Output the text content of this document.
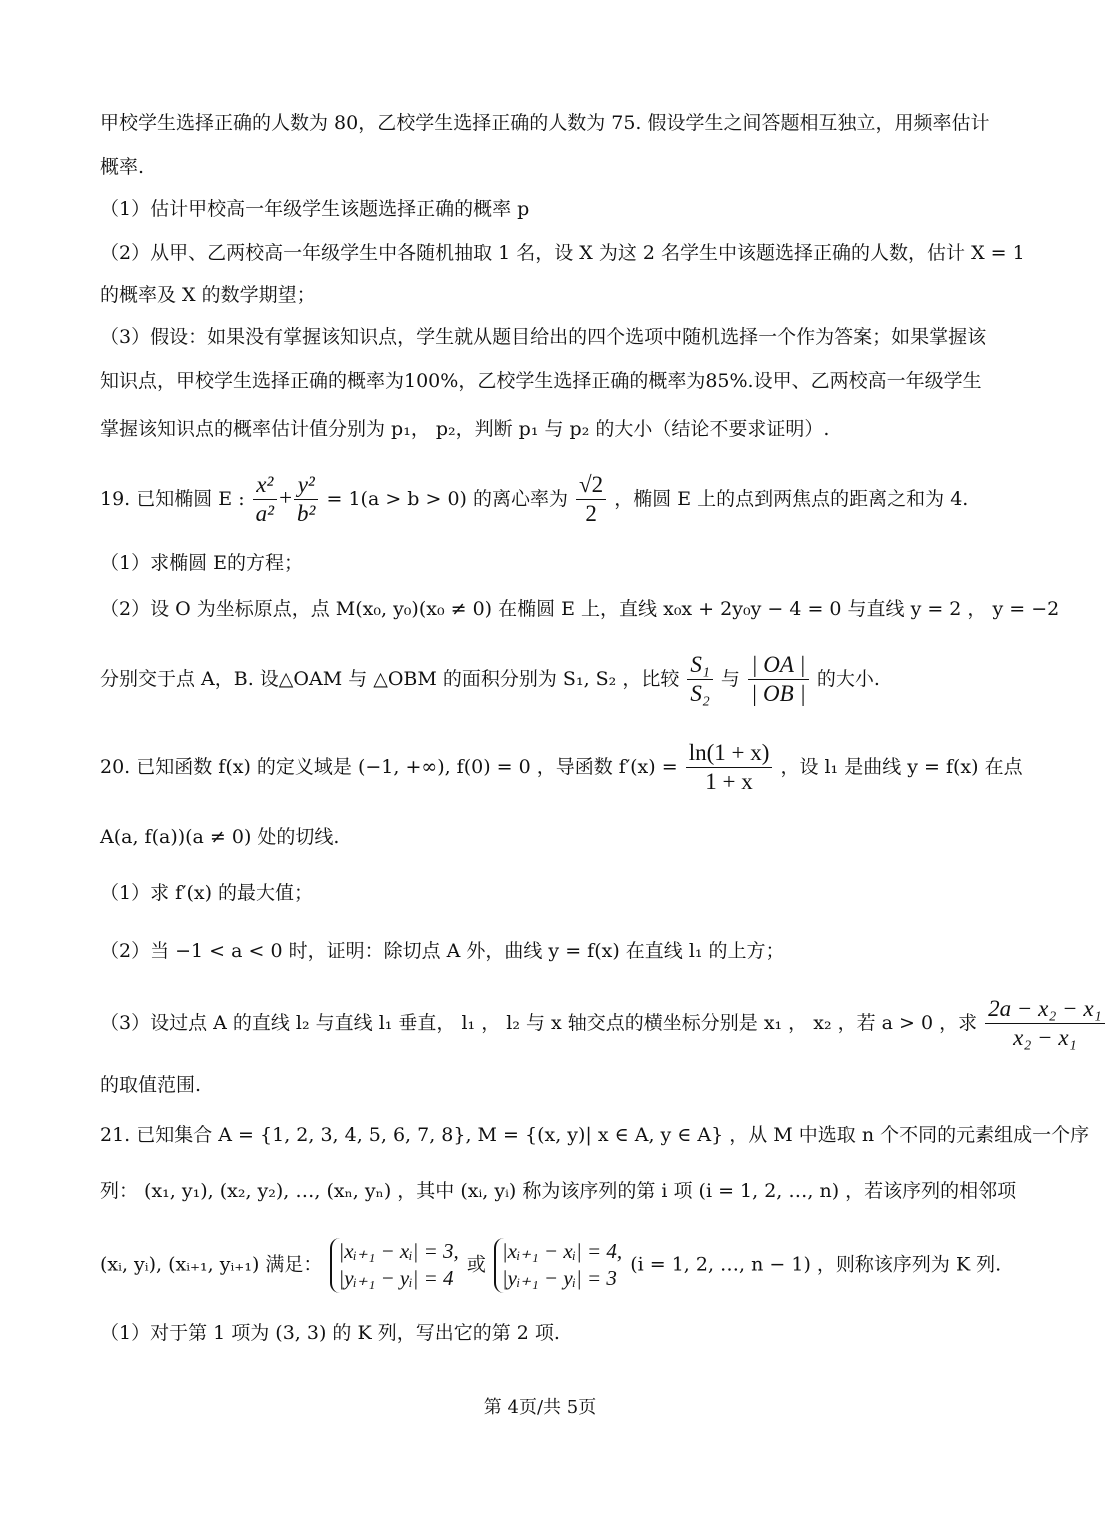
甲校学生选择正确的人数为 80，乙校学生选择正确的人数为 75. 假设学生之间答题相互独立，用频率估计
概率.
（1）估计甲校高一年级学生该题选择正确的概率 p
（2）从甲、乙两校高一年级学生中各随机抽取 1 名，设 X 为这 2 名学生中该题选择正确的人数，估计 X = 1
的概率及 X 的数学期望；
（3）假设：如果没有掌握该知识点，学生就从题目给出的四个选项中随机选择一个作为答案；如果掌握该
知识点，甲校学生选择正确的概率为100%，乙校学生选择正确的概率为85%.设甲、乙两校高一年级学生
掌握该知识点的概率估计值分别为 p₁， p₂，判断 p₁ 与 p₂ 的大小（结论不要求证明）.
19. 已知椭圆 E : $\frac{\text{x²}}{\text{a²}} + \frac{\text{y²}}{\text{b²}} = 1(a > b > 0)$ 的离心率为 $\frac{√2}{2}$ ，椭圆 E 上的点到两焦点的距离之和为 4.
（1）求椭圆 E的方程；
（2）设 O 为坐标原点，点 M(x₀, y₀)(x₀ ≠ 0) 在椭圆 E 上，直线 x₀x + 2y₀y − 4 = 0 与直线 y = 2 ， y = −2
分别交于点 A，B. 设△OAM 与 △OBM 的面积分别为 S₁, S₂ ，比较 $\frac{\text{S₁}}{\text{S₂}}$ 与 $\frac{| OA |}{| OB |}$ 的大小.
20. 已知函数 f(x) 的定义域是 (−1, +∞), f(0) = 0 ，导函数 $f'(x) = \frac{\ln(1 + x)}{1 + x}$ ，设 l₁ 是曲线 y = f(x) 在点
A(a, f(a))(a ≠ 0) 处的切线.
（1）求 f′(x) 的最大值；
（2）当 −1 < a < 0 时，证明：除切点 A 外，曲线 y = f(x) 在直线 l₁ 的上方；
（3）设过点 A 的直线 l₂ 与直线 l₁ 垂直， l₁ ， l₂ 与 x 轴交点的横坐标分别是 x₁ ， x₂ ，若 a > 0 ，求 $\frac{\text{2a − x₂ − x₁}}{\text{x₂ − x₁}}$
的取值范围.
21. 已知集合 A = {1, 2, 3, 4, 5, 6, 7, 8}, M = {(x, y)| x ∈ A, y ∈ A} ，从 M 中选取 n 个不同的元素组成一个序
列： (x₁, y₁), (x₂, y₂), …, (xₙ, yₙ) ，其中 (xᵢ, yᵢ) 称为该序列的第 i 项 (i = 1, 2, …, n) ，若该序列的相邻项
(xᵢ, yᵢ), (xᵢ₊₁, yᵢ₊₁) 满足：
|xᵢ₊₁ − xᵢ| = 3,
|yᵢ₊₁ − yᵢ| = 4
或
|xᵢ₊₁ − xᵢ| = 4,
|yᵢ₊₁ − yᵢ| = 3
(i = 1, 2, …, n − 1) ，则称该序列为 K 列.
（1）对于第 1 项为 (3, 3) 的 K 列，写出它的第 2 项.
第 4页/共 5页
